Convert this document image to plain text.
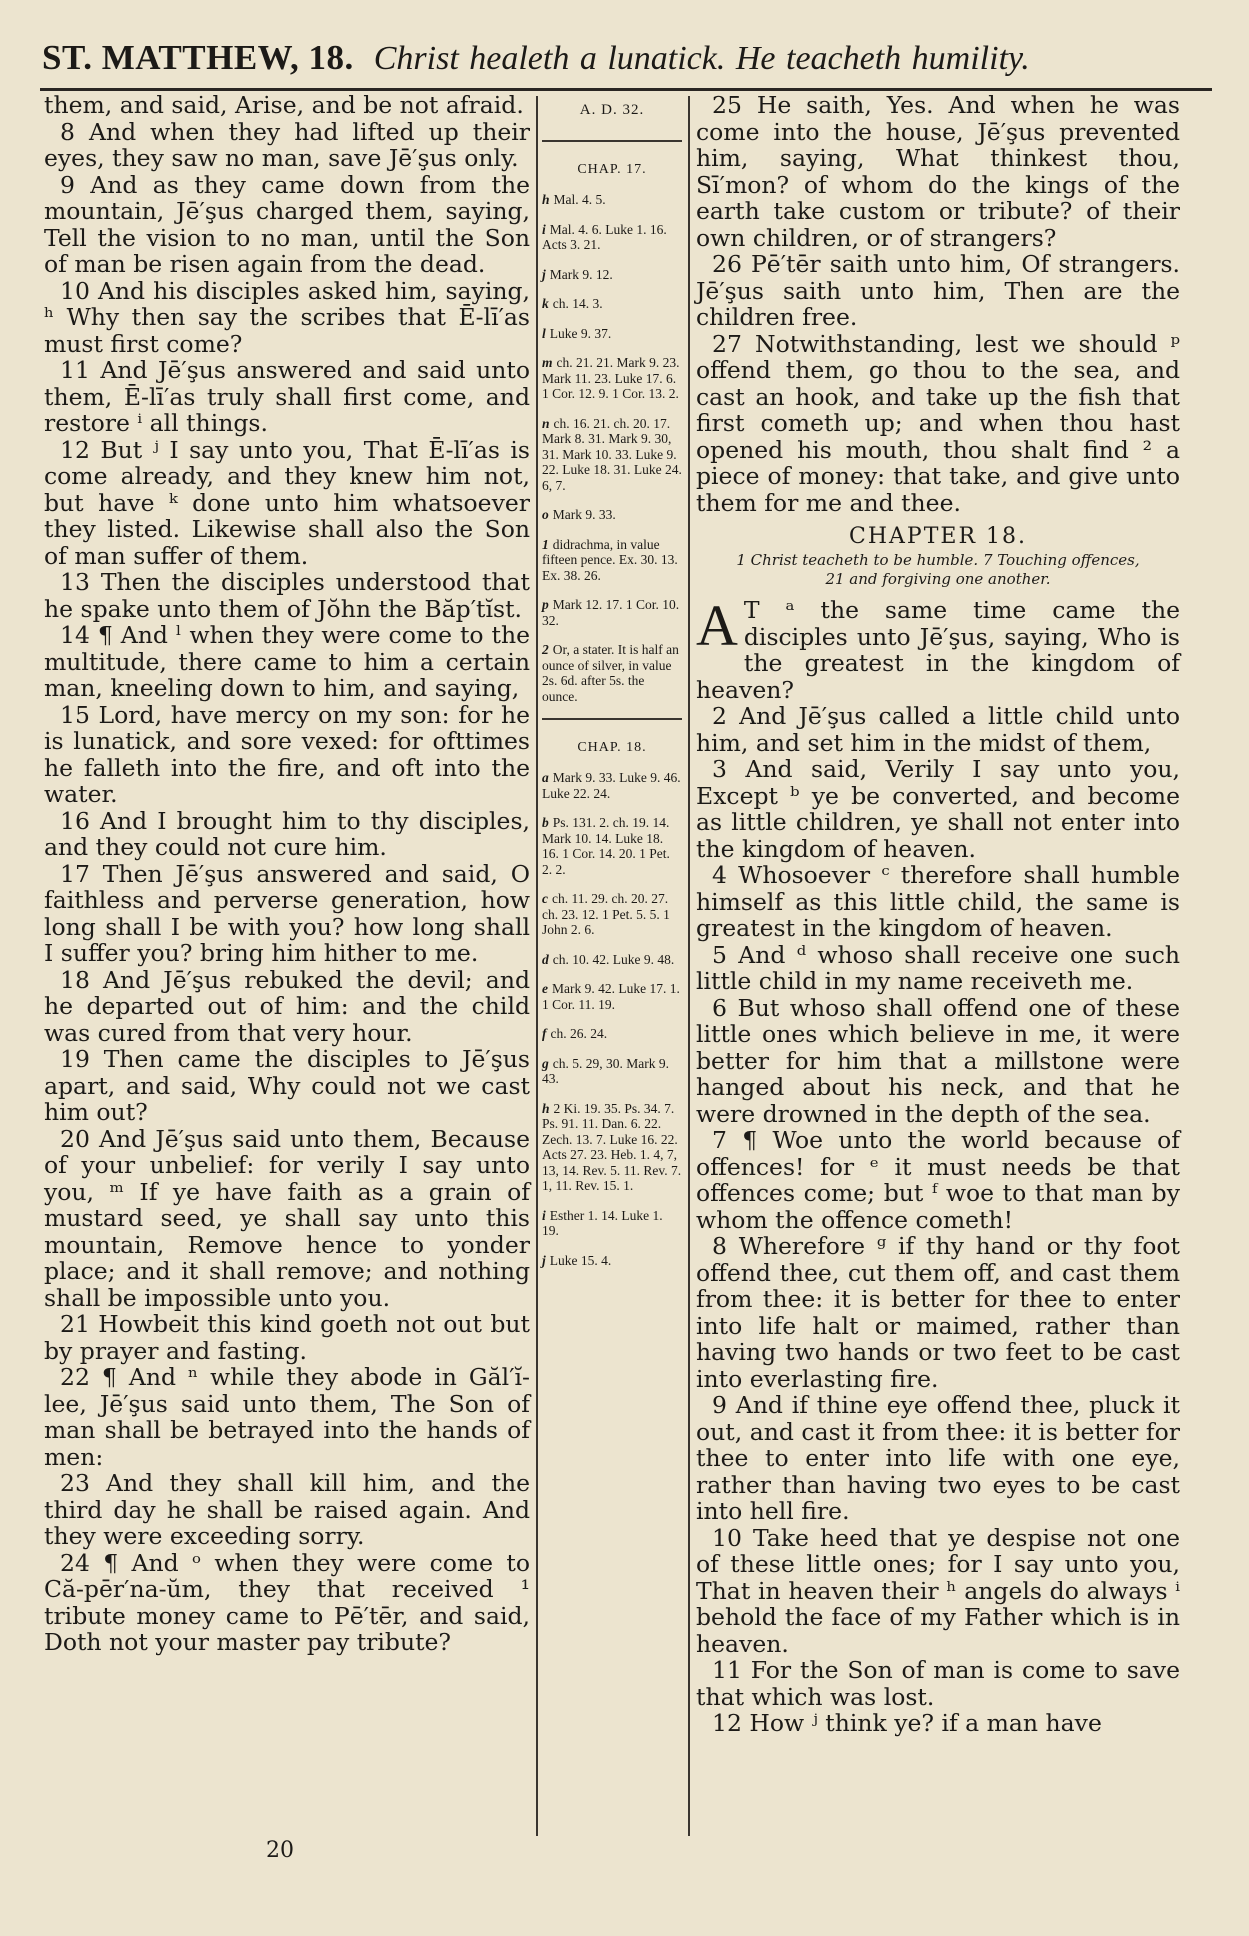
ST. MATTHEW, 18. Christ healeth a lunatick. He teacheth humility.

them, and said, Arise, and be not afraid.

8 And when they had lifted up their eyes, they saw no man, save Jē′şus only.

9 And as they came down from the mountain, Jē′şus charged them, saying, Tell the vision to no man, until the Son of man be risen again from the dead.

10 And his disciples asked him, saying, ʰ Why then say the scribes that Ē-lī′as must first come?

11 And Jē′şus answered and said unto them, Ē-lī′as truly shall first come, and restore ⁱ all things.

12 But ʲ I say unto you, That Ē-lī′as is come already, and they knew him not, but have ᵏ done unto him whatsoever they listed. Likewise shall also the Son of man suffer of them.

13 Then the disciples understood that he spake unto them of Jŏhn the Băp′tĭst.

14 ¶ And ˡ when they were come to the multitude, there came to him a certain man, kneeling down to him, and saying,

15 Lord, have mercy on my son: for he is lunatick, and sore vexed: for ofttimes he falleth into the fire, and oft into the water.

16 And I brought him to thy disciples, and they could not cure him.

17 Then Jē′şus answered and said, O faithless and perverse generation, how long shall I be with you? how long shall I suffer you? bring him hither to me.

18 And Jē′şus rebuked the devil; and he departed out of him: and the child was cured from that very hour.

19 Then came the disciples to Jē′şus apart, and said, Why could not we cast him out?

20 And Jē′şus said unto them, Because of your unbelief: for verily I say unto you, ᵐ If ye have faith as a grain of mustard seed, ye shall say unto this mountain, Remove hence to yonder place; and it shall remove; and nothing shall be impossible unto you.

21 Howbeit this kind goeth not out but by prayer and fasting.

22 ¶ And ⁿ while they abode in Găl′ĭ-lee, Jē′şus said unto them, The Son of man shall be betrayed into the hands of men:

23 And they shall kill him, and the third day he shall be raised again. And they were exceeding sorry.

24 ¶ And ᵒ when they were come to Că-pēr′na-ŭm, they that received ¹ tribute money came to Pē′tēr, and said, Doth not your master pay tribute?

A. D. 32.
CHAP. 17.

h Mal. 4. 5.

i Mal. 4. 6. Luke 1. 16. Acts 3. 21.

j Mark 9. 12.

k ch. 14. 3.

l Luke 9. 37.

m ch. 21. 21. Mark 9. 23. Mark 11. 23. Luke 17. 6. 1 Cor. 12. 9. 1 Cor. 13. 2.

n ch. 16. 21. ch. 20. 17. Mark 8. 31. Mark 9. 30, 31. Mark 10. 33. Luke 9. 22. Luke 18. 31. Luke 24. 6, 7.

o Mark 9. 33.

1 didrachma, in value fifteen pence. Ex. 30. 13. Ex. 38. 26.

p Mark 12. 17. 1 Cor. 10. 32.

2 Or, a stater. It is half an ounce of silver, in value 2s. 6d. after 5s. the ounce.

CHAP. 18.

a Mark 9. 33. Luke 9. 46. Luke 22. 24.

b Ps. 131. 2. ch. 19. 14. Mark 10. 14. Luke 18. 16. 1 Cor. 14. 20. 1 Pet. 2. 2.

c ch. 11. 29. ch. 20. 27. ch. 23. 12. 1 Pet. 5. 5. 1 John 2. 6.

d ch. 10. 42. Luke 9. 48.

e Mark 9. 42. Luke 17. 1. 1 Cor. 11. 19.

f ch. 26. 24.

g ch. 5. 29, 30. Mark 9. 43.

h 2 Ki. 19. 35. Ps. 34. 7. Ps. 91. 11. Dan. 6. 22. Zech. 13. 7. Luke 16. 22. Acts 27. 23. Heb. 1. 4, 7, 13, 14. Rev. 5. 11. Rev. 7. 1, 11. Rev. 15. 1.

i Esther 1. 14. Luke 1. 19.

j Luke 15. 4.

25 He saith, Yes. And when he was come into the house, Jē′şus prevented him, saying, What thinkest thou, Sī′mon? of whom do the kings of the earth take custom or tribute? of their own children, or of strangers?

26 Pē′tēr saith unto him, Of strangers. Jē′şus saith unto him, Then are the children free.

27 Notwithstanding, lest we should ᵖ offend them, go thou to the sea, and cast an hook, and take up the fish that first cometh up; and when thou hast opened his mouth, thou shalt find ² a piece of money: that take, and give unto them for me and thee.

CHAPTER 18.
1 Christ teacheth to be humble. 7 Touching offences,
21 and forgiving one another.

A T ᵃ the same time came the disciples unto Jē′şus, saying, Who is the greatest in the kingdom of heaven?

2 And Jē′şus called a little child unto him, and set him in the midst of them,

3 And said, Verily I say unto you, Except ᵇ ye be converted, and become as little children, ye shall not enter into the kingdom of heaven.

4 Whosoever ᶜ therefore shall humble himself as this little child, the same is greatest in the kingdom of heaven.

5 And ᵈ whoso shall receive one such little child in my name receiveth me.

6 But whoso shall offend one of these little ones which believe in me, it were better for him that a millstone were hanged about his neck, and that he were drowned in the depth of the sea.

7 ¶ Woe unto the world because of offences! for ᵉ it must needs be that offences come; but ᶠ woe to that man by whom the offence cometh!

8 Wherefore ᵍ if thy hand or thy foot offend thee, cut them off, and cast them from thee: it is better for thee to enter into life halt or maimed, rather than having two hands or two feet to be cast into everlasting fire.

9 And if thine eye offend thee, pluck it out, and cast it from thee: it is better for thee to enter into life with one eye, rather than having two eyes to be cast into hell fire.

10 Take heed that ye despise not one of these little ones; for I say unto you, That in heaven their ʰ angels do always ⁱ behold the face of my Father which is in heaven.

11 For the Son of man is come to save that which was lost.

12 How ʲ think ye? if a man have

20
